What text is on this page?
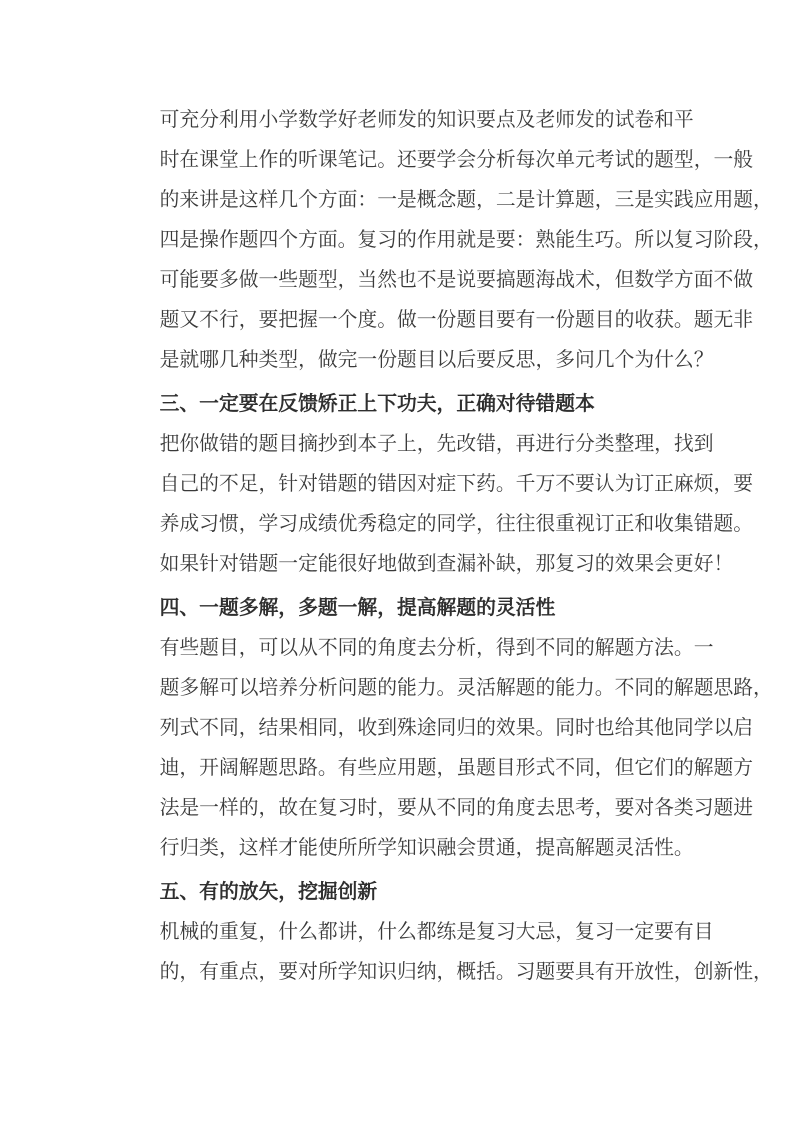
可充分利用小学数学好老师发的知识要点及老师发的试卷和平
时在课堂上作的听课笔记。还要学会分析每次单元考试的题型，一般
的来讲是这样几个方面：一是概念题，二是计算题，三是实践应用题，
四是操作题四个方面。复习的作用就是要：熟能生巧。所以复习阶段，
可能要多做一些题型，当然也不是说要搞题海战术，但数学方面不做
题又不行，要把握一个度。做一份题目要有一份题目的收获。题无非
是就哪几种类型，做完一份题目以后要反思，多问几个为什么？
三、一定要在反馈矫正上下功夫，正确对待错题本
把你做错的题目摘抄到本子上，先改错，再进行分类整理，找到
自己的不足，针对错题的错因对症下药。千万不要认为订正麻烦，要
养成习惯，学习成绩优秀稳定的同学，往往很重视订正和收集错题。
如果针对错题一定能很好地做到查漏补缺，那复习的效果会更好！
四、一题多解，多题一解，提高解题的灵活性
有些题目，可以从不同的角度去分析，得到不同的解题方法。一
题多解可以培养分析问题的能力。灵活解题的能力。不同的解题思路，
列式不同，结果相同，收到殊途同归的效果。同时也给其他同学以启
迪，开阔解题思路。有些应用题，虽题目形式不同，但它们的解题方
法是一样的，故在复习时，要从不同的角度去思考，要对各类习题进
行归类，这样才能使所所学知识融会贯通，提高解题灵活性。
五、有的放矢，挖掘创新
机械的重复，什么都讲，什么都练是复习大忌，复习一定要有目
的，有重点，要对所学知识归纳，概括。习题要具有开放性，创新性，
